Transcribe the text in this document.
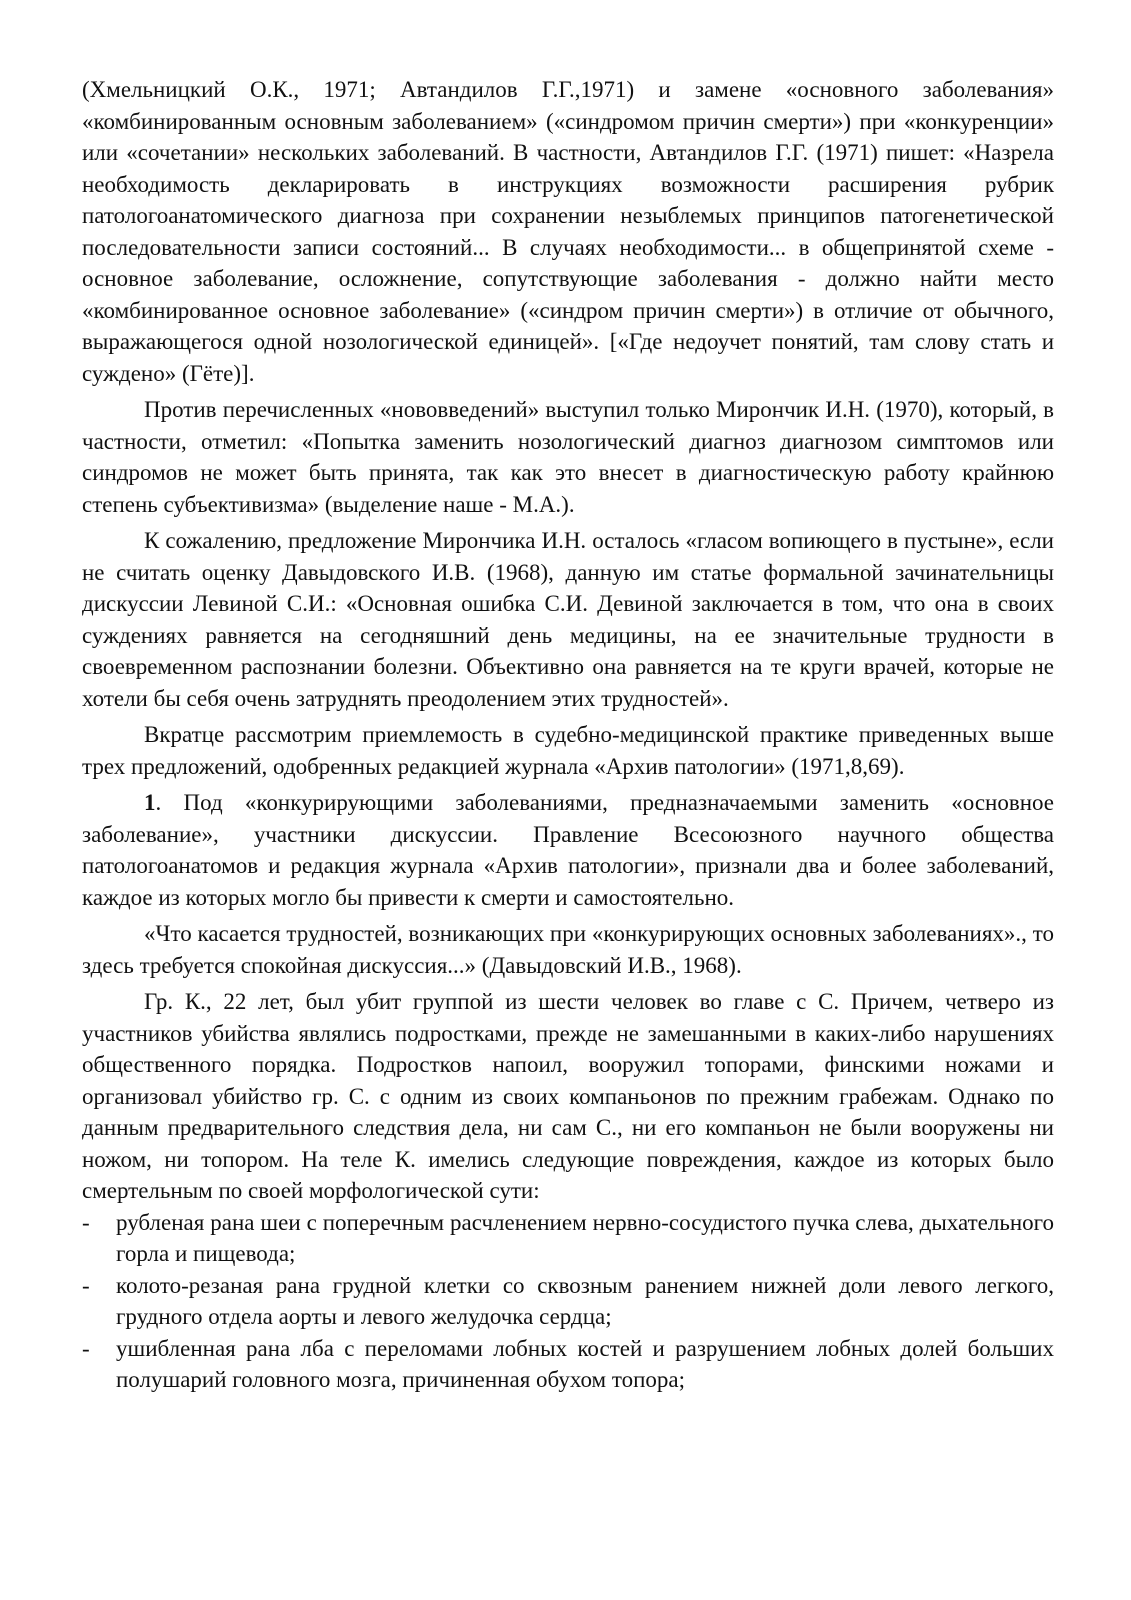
(Хмельницкий О.К., 1971; Автандилов Г.Г.,1971) и замене «основного заболевания» «комбинированным основным заболеванием» («синдромом причин смерти») при «конкуренции» или «сочетании» нескольких заболеваний. В частности, Автандилов Г.Г. (1971) пишет: «Назрела необходимость декларировать в инструкциях возможности расширения рубрик патологоанатомического диагноза при сохранении незыблемых принципов патогенетической последовательности записи состояний... В случаях необходимости... в общепринятой схеме - основное заболевание, осложнение, сопутствующие заболевания - должно найти место «комбинированное основное заболевание» («синдром причин смерти») в отличие от обычного, выражающегося одной нозологической единицей». [«Где недоучет понятий, там слову стать и суждено» (Гёте)].

Против перечисленных «нововведений» выступил только Мирончик И.Н. (1970), который, в частности, отметил: «Попытка заменить нозологический диагноз диагнозом симптомов или синдромов не может быть принята, так как это внесет в диагностическую работу крайнюю степень субъективизма» (выделение наше - М.А.).

К сожалению, предложение Мирончика И.Н. осталось «гласом вопиющего в пустыне», если не считать оценку Давыдовского И.В. (1968), данную им статье формальной зачинательницы дискуссии Левиной С.И.: «Основная ошибка С.И. Девиной заключается в том, что она в своих суждениях равняется на сегодняшний день медицины, на ее значительные трудности в своевременном распознании болезни. Объективно она равняется на те круги врачей, которые не хотели бы себя очень затруднять преодолением этих трудностей».

Вкратце рассмотрим приемлемость в судебно-медицинской практике приведенных выше трех предложений, одобренных редакцией журнала «Архив патологии» (1971,8,69).

1. Под «конкурирующими заболеваниями, предназначаемыми заменить «основное заболевание», участники дискуссии. Правление Всесоюзного научного общества патологоанатомов и редакция журнала «Архив патологии», признали два и более заболеваний, каждое из которых могло бы привести к смерти и самостоятельно.

«Что касается трудностей, возникающих при «конкурирующих основных заболеваниях»., то здесь требуется спокойная дискуссия...» (Давыдовский И.В., 1968).

Гр. К., 22 лет, был убит группой из шести человек во главе с С. Причем, четверо из участников убийства являлись подростками, прежде не замешанными в каких-либо нарушениях общественного порядка. Подростков напоил, вооружил топорами, финскими ножами и организовал убийство гр. С. с одним из своих компаньонов по прежним грабежам. Однако по данным предварительного следствия дела, ни сам С., ни его компаньон не были вооружены ни ножом, ни топором. На теле К. имелись следующие повреждения, каждое из которых было смертельным по своей морфологической сути:

- рубленая рана шеи с поперечным расчленением нервно-сосудистого пучка слева, дыхательного горла и пищевода;
- колото-резаная рана грудной клетки со сквозным ранением нижней доли левого легкого, грудного отдела аорты и левого желудочка сердца;
- ушибленная рана лба с переломами лобных костей и разрушением лобных долей больших полушарий головного мозга, причиненная обухом топора;
